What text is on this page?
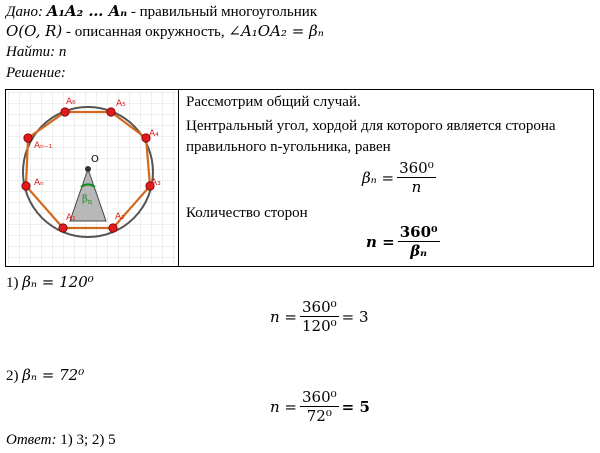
Дано: A₁A₂ … Aₙ - правильный многоугольник
O(O, R) - описанная окружность, ∠A₁OA₂ = βₙ
Найти: n
Решение:
O
$\beta_n$
A₆	A₅
A₄
A₃
A₂
A₁
Aₙ
Aₙ₋₁
Рассмотрим общий случай.
Центральный угол, хордой для которого является сторона
правильного n-угольника, равен
$\beta_n = \frac{\text{360⁰}}{n}$
Количество сторон
$n = \frac{\text{360⁰}}{\text{βₙ}}$
1) βₙ = 120⁰
$n = \frac{\text{360⁰}}{\text{120⁰}} = 3$
2) βₙ = 72⁰
$n = \frac{\text{360⁰}}{\text{72⁰}} = 5$
Ответ: 1) 3; 2) 5
